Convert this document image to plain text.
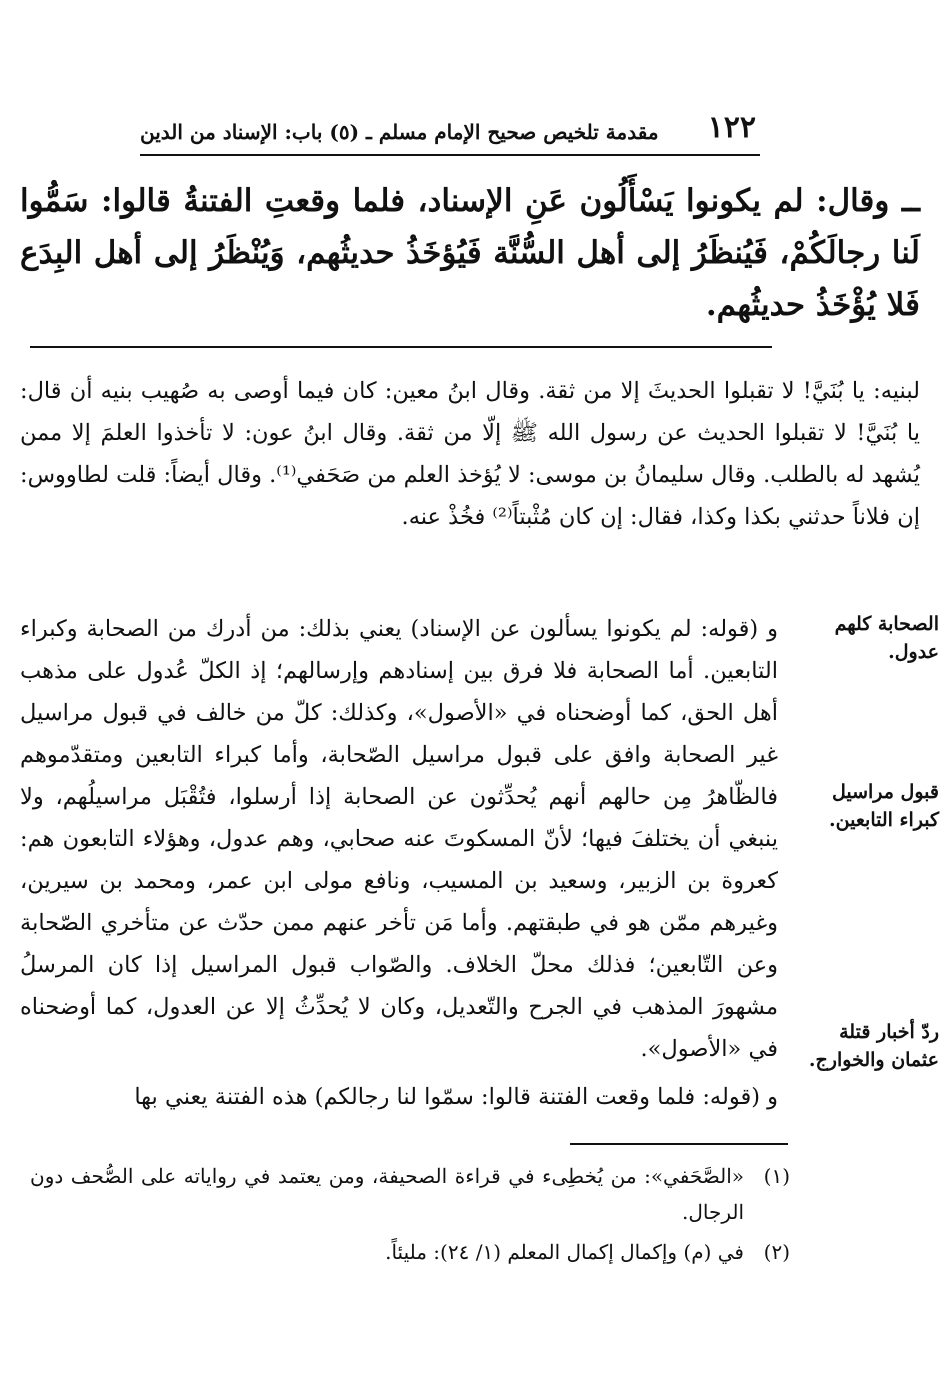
١٢٢
مقدمة تلخيص صحيح الإمام مسلم ـ (٥) باب: الإسناد من الدين

ــ وقال: لم يكونوا يَسْأَلُون عَنِ الإسناد، فلما وقعتِ الفتنةُ قالوا: سَمُّوا لَنا رجالَكُمْ، فَيُنظَرُ إلى أهل السُّنَّة فَيُؤخَذُ حديثُهم، وَيُنْظَرُ إلى أهل البِدَع فَلا يُؤْخَذُ حديثُهم.

لبنيه: يا بُنَيَّ! لا تقبلوا الحديثَ إلا من ثقة. وقال ابنُ معين: كان فيما أوصى به صُهيب بنيه أن قال: يا بُنَيَّ! لا تقبلوا الحديث عن رسول الله ﷺ إلّا من ثقة. وقال ابنُ عون: لا تأخذوا العلمَ إلا ممن يُشهد له بالطلب. وقال سليمانُ بن موسى: لا يُؤخذ العلم من صَحَفي⁽¹⁾. وقال أيضاً: قلت لطاووس: إن فلاناً حدثني بكذا وكذا، فقال: إن كان مُثْبتاً⁽²⁾ فخُذْ عنه.

و (قوله: لم يكونوا يسألون عن الإسناد) يعني بذلك: من أدرك من الصحابة وكبراء التابعين. أما الصحابة فلا فرق بين إسنادهم وإرسالهم؛ إذ الكلّ عُدول على مذهب أهل الحق، كما أوضحناه في «الأصول»، وكذلك: كلّ من خالف في قبول مراسيل غير الصحابة وافق على قبول مراسيل الصّحابة، وأما كبراء التابعين ومتقدّموهم فالظّاهرُ مِن حالهم أنهم يُحدِّثون عن الصحابة إذا أرسلوا، فتُقْبَل مراسيلُهم، ولا ينبغي أن يختلفَ فيها؛ لأنّ المسكوتَ عنه صحابي، وهم عدول، وهؤلاء التابعون هم: كعروة بن الزبير، وسعيد بن المسيب، ونافع مولى ابن عمر، ومحمد بن سيرين، وغيرهم ممّن هو في طبقتهم. وأما مَن تأخر عنهم ممن حدّث عن متأخري الصّحابة وعن التّابعين؛ فذلك محلّ الخلاف. والصّواب قبول المراسيل إذا كان المرسلُ مشهورَ المذهب في الجرح والتّعديل، وكان لا يُحدِّثُ إلا عن العدول، كما أوضحناه في «الأصول».

و (قوله: فلما وقعت الفتنة قالوا: سمّوا لنا رجالكم) هذه الفتنة يعني بها

الصحابة كلهم عدول.
قبول مراسيل كبراء التابعين.
ردّ أخبار قتلة عثمان والخوارج.
(١)
«الصَّحَفي»: من يُخطِىء في قراءة الصحيفة، ومن يعتمد في رواياته على الصُّحف دون الرجال.
(٢)
في (م) وإكمال إكمال المعلم (١/ ٢٤): مليئاً.
